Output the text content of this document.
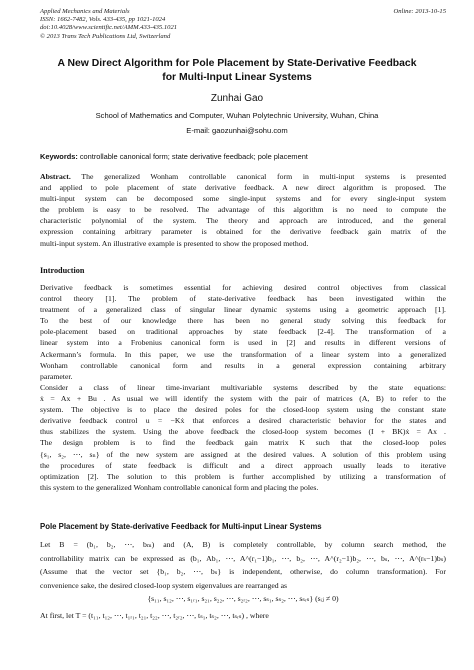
Applied Mechanics and Materials
ISSN: 1662-7482, Vols. 433-435, pp 1021-1024
doi:10.4028/www.scientific.net/AMM.433-435.1021
© 2013 Trans Tech Publications Ltd, Switzerland
Online: 2013-10-15
A New Direct Algorithm for Pole Placement by State-Derivative Feedback
for Multi-Input Linear Systems
Zunhai Gao
School of Mathematics and Computer, Wuhan Polytechnic University, Wuhan, China
E-mail: gaozunhai@sohu.com
Keywords: controllable canonical form; state derivative feedback; pole placement
Abstract. The generalized Wonham controllable canonical form in multi-input systems is presented
and applied to pole placement of state derivative feedback. A new direct algorithm is proposed. The
multi-input system can be decomposed some single-input systems and for every single-input system
the problem is easy to be resolved. The advantage of this algorithm is no need to compute the
characteristic polynomial of the system. The theory and approach are introduced, and the general
expression containing arbitrary parameter is obtained for the derivative feedback gain matrix of the
multi-input system. An illustrative example is presented to show the proposed method.
Introduction
Derivative feedback is sometimes essential for achieving desired control objectives from classical
control theory [1]. The problem of state-derivative feedback has been investigated within the
treatment of a generalized class of singular linear dynamic systems using a geometric approach [1].
To the best of our knowledge there has been no general study solving this feedback for
pole-placement based on traditional approaches by state feedback [2-4]. The transformation of a
linear system into a Frobenius canonical form is used in [2] and results in different versions of
Ackermann’s formula. In this paper, we use the transformation of a linear system into a generalized
Wonham controllable canonical form and results in a general expression containing arbitrary
parameter.
Consider a class of linear time-invariant multivariable systems described by the state equations:
ẋ = Ax + Bu . As usual we will identify the system with the pair of matrices (A, B) to refer to the
system. The objective is to place the desired poles for the closed-loop system using the constant state
derivative feedback control u = −Kẋ that enforces a desired characteristic behavior for the states and
thus stabilizes the system. Using the above feedback the closed-loop system becomes (I + BK)ẋ = Ax .
The design problem is to find the feedback gain matrix K such that the closed-loop poles
{s₁, s₂, ⋯, sₙ} of the new system are assigned at the desired values. A solution of this problem using
the procedures of state feedback is difficult and a direct approach usually leads to iterative
optimization [2]. The solution to this problem is further accomplished by utilizing a transformation of
this system to the generalized Wonham controllable canonical form and placing the poles.
Pole Placement by State-derivative Feedback for Multi-input Linear Systems
Let B = (b₁, b₂, ⋯, bₘ) and (A, B) is completely controllable, by column search method, the
controllability matrix can be expressed as (b₁, Ab₁, ⋯, A^(r₁−1)b₁, ⋯, b₂, ⋯, A^(r₂−1)b₂, ⋯, bₛ, ⋯, A^(rₛ−1)bₛ)
(Assume that the vector set {b₁, b₂, ⋯, bₛ} is independent, otherwise, do column transformation). For
convenience sake, the desired closed-loop system eigenvalues are rearranged as
{s₁₁, s₁₂, ⋯, s₁ᵣ₁, s₂₁, s₂₂, ⋯, s₂ᵣ₂, ⋯, sₛ₁, sₛ₂, ⋯, sₛᵣₛ} (sᵢⱼ ≠ 0)
At first, let T = (t₁₁, t₁₂, ⋯, t₁ᵣ₁, t₂₁, t₂₂, ⋯, t₂ᵣ₂, ⋯, tₛ₁, tₛ₂, ⋯, tₛᵣₛ) , where
